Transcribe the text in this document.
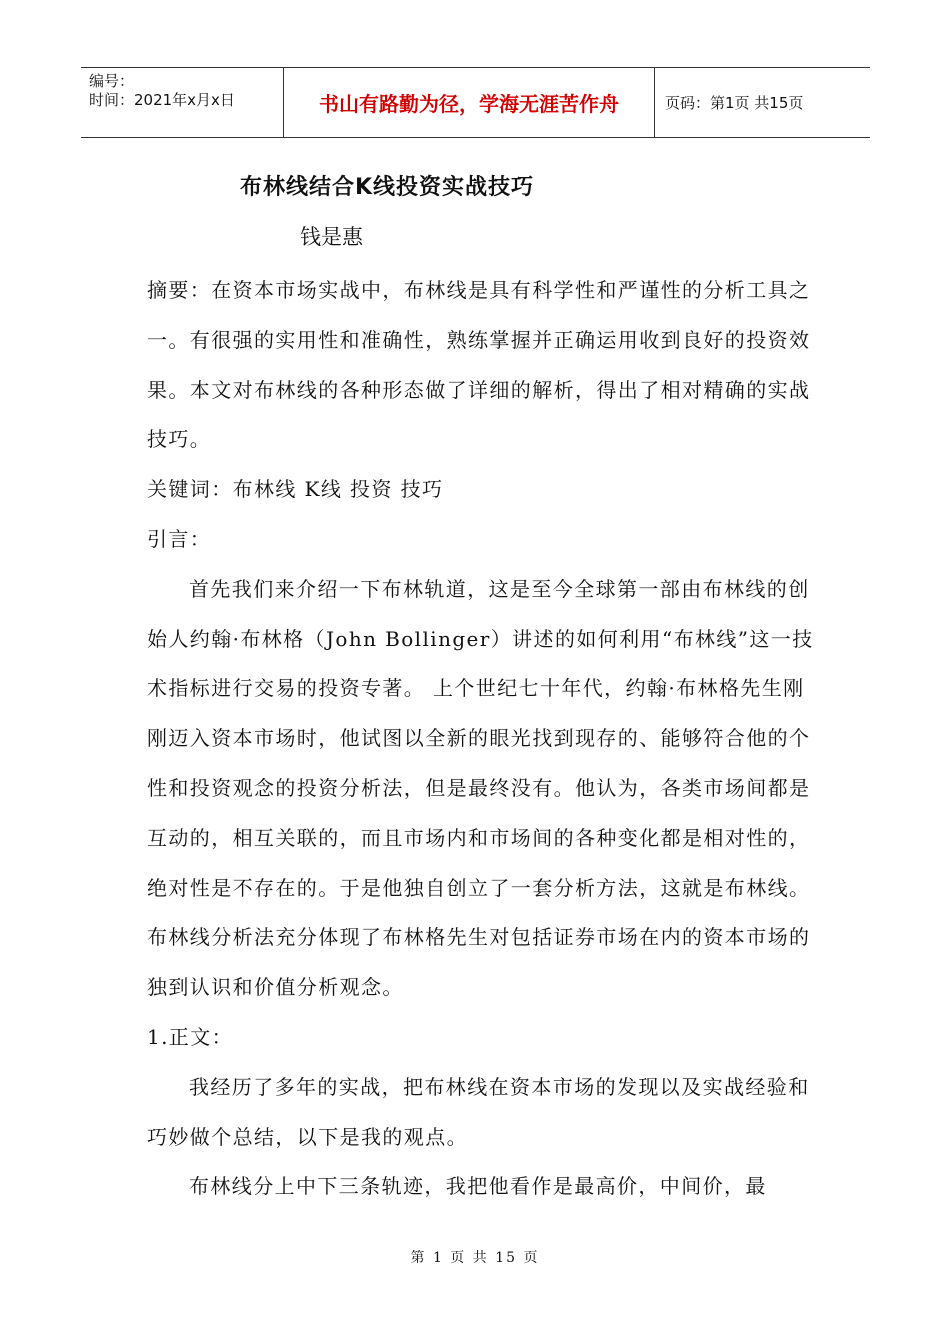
编号：
时间：2021年x月x日	书山有路勤为径，学海无涯苦作舟	页码：第1页 共15页
布林线结合K线投资实战技巧
钱是惠

摘要：在资本市场实战中，布林线是具有科学性和严谨性的分析工具之一。有很强的实用性和准确性，熟练掌握并正确运用收到良好的投资效果。本文对布林线的各种形态做了详细的解析，得出了相对精确的实战技巧。

关键词：布林线 K线 投资 技巧

引言：

首先我们来介绍一下布林轨道，这是至今全球第一部由布林线的创始人约翰·布林格（John Bollinger）讲述的如何利用“布林线”这一技术指标进行交易的投资专著。 上个世纪七十年代，约翰·布林格先生刚刚迈入资本市场时，他试图以全新的眼光找到现存的、能够符合他的个性和投资观念的投资分析法，但是最终没有。他认为，各类市场间都是互动的，相互关联的，而且市场内和市场间的各种变化都是相对性的，绝对性是不存在的。于是他独自创立了一套分析方法，这就是布林线。布林线分析法充分体现了布林格先生对包括证券市场在内的资本市场的独到认识和价值分析观念。

1.正文：

我经历了多年的实战，把布林线在资本市场的发现以及实战经验和巧妙做个总结，以下是我的观点。

布林线分上中下三条轨迹，我把他看作是最高价，中间价，最

第 1 页 共 15 页
